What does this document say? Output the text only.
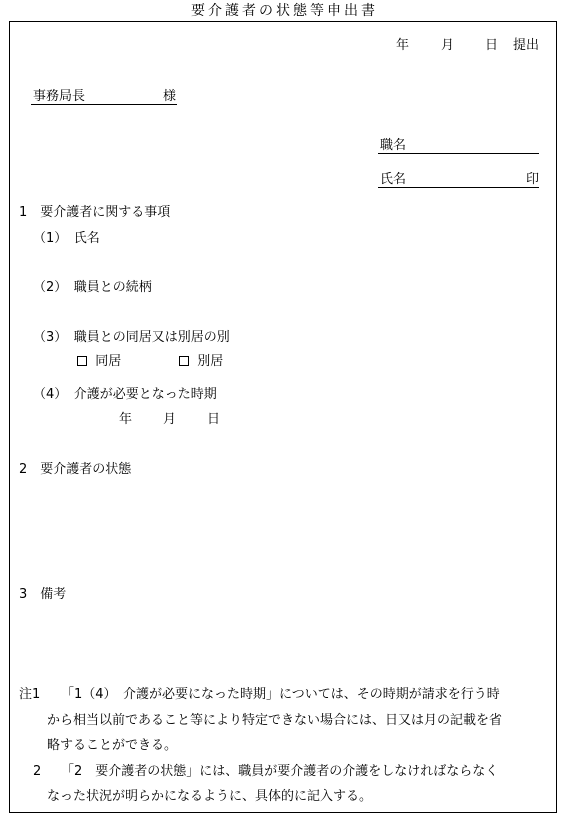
要介護者の状態等申出書
年 月 日 提出
事務局長	様
職名
氏名	印
1　要介護者に関する事項
（1）　氏名
（2）　職員との続柄
（3）　職員との同居又は別居の別
同居	別居
（4）　介護が必要となった時期
年 月 日
2　要介護者の状態
3　備考
注1 「1（4）　介護が必要になった時期」については、その時期が請求を行う時
から相当以前であること等により特定できない場合には、日又は月の記載を省
略することができる。
2 「2　要介護者の状態」には、職員が要介護者の介護をしなければならなく
なった状況が明らかになるように、具体的に記入する。
